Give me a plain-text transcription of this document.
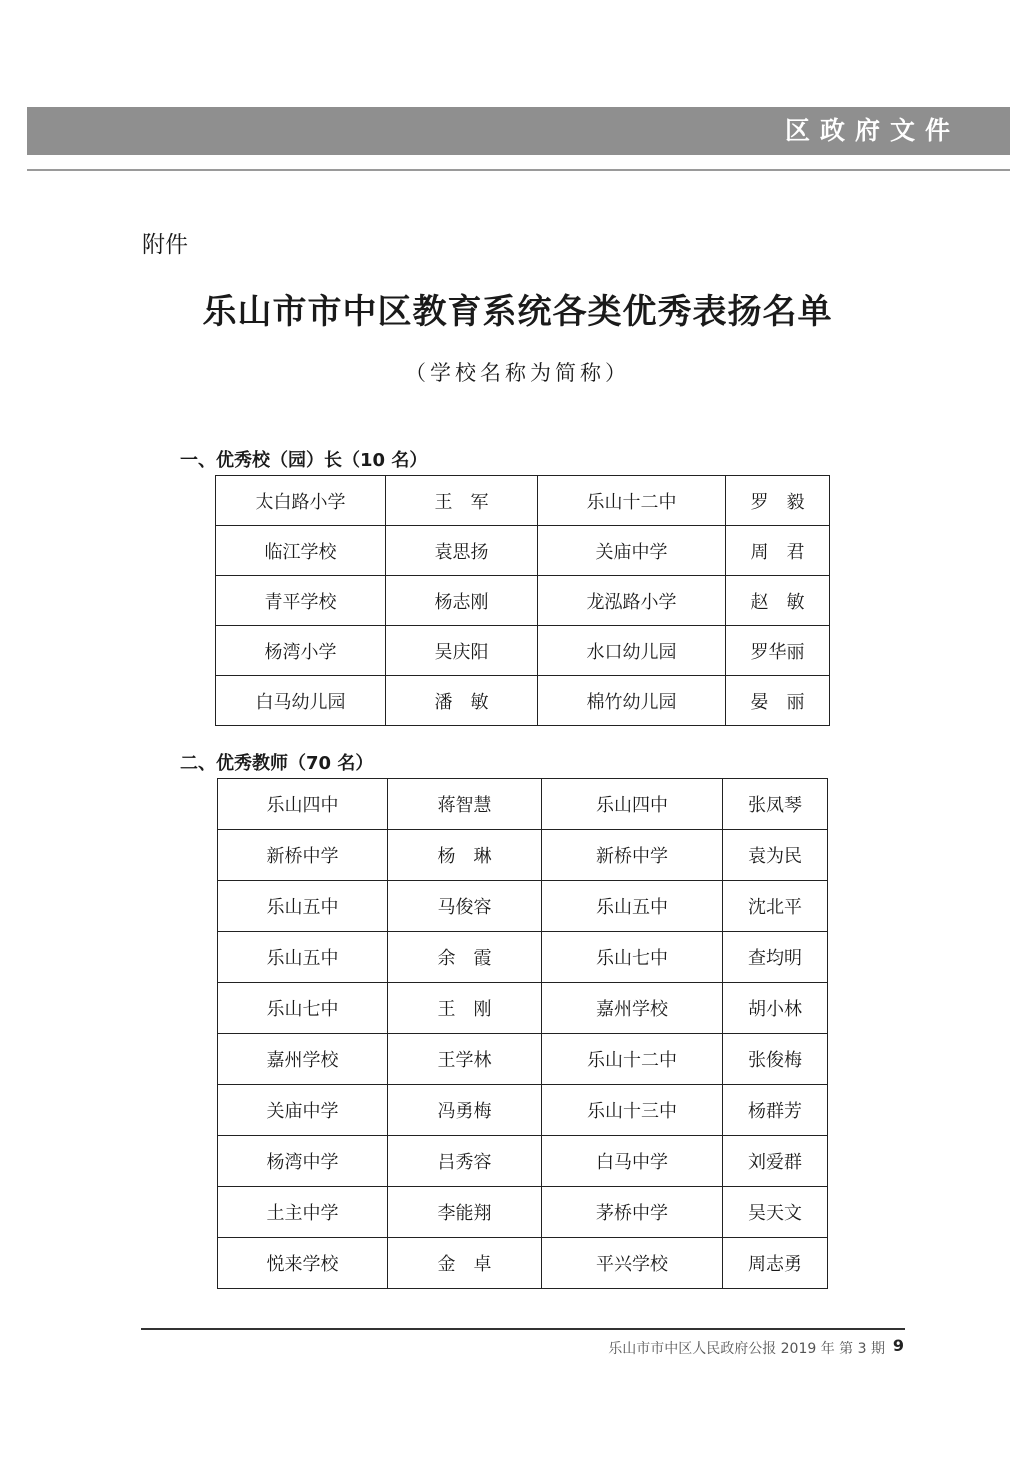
区政府文件
附件
乐山市市中区教育系统各类优秀表扬名单
（学校名称为简称）
一、优秀校（园）长（10 名）
太白路小学	王　军	乐山十二中	罗　毅
临江学校	袁思扬	关庙中学	周　君
青平学校	杨志刚	龙泓路小学	赵　敏
杨湾小学	吴庆阳	水口幼儿园	罗华丽
白马幼儿园	潘　敏	棉竹幼儿园	晏　丽
二、优秀教师（70 名）
乐山四中	蒋智慧	乐山四中	张凤琴
新桥中学	杨　琳	新桥中学	袁为民
乐山五中	马俊容	乐山五中	沈北平
乐山五中	余　霞	乐山七中	查均明
乐山七中	王　刚	嘉州学校	胡小林
嘉州学校	王学林	乐山十二中	张俊梅
关庙中学	冯勇梅	乐山十三中	杨群芳
杨湾中学	吕秀容	白马中学	刘爱群
土主中学	李能翔	茅桥中学	吴天文
悦来学校	金　卓	平兴学校	周志勇
乐山市市中区人民政府公报 2019 年 第 3 期 9
